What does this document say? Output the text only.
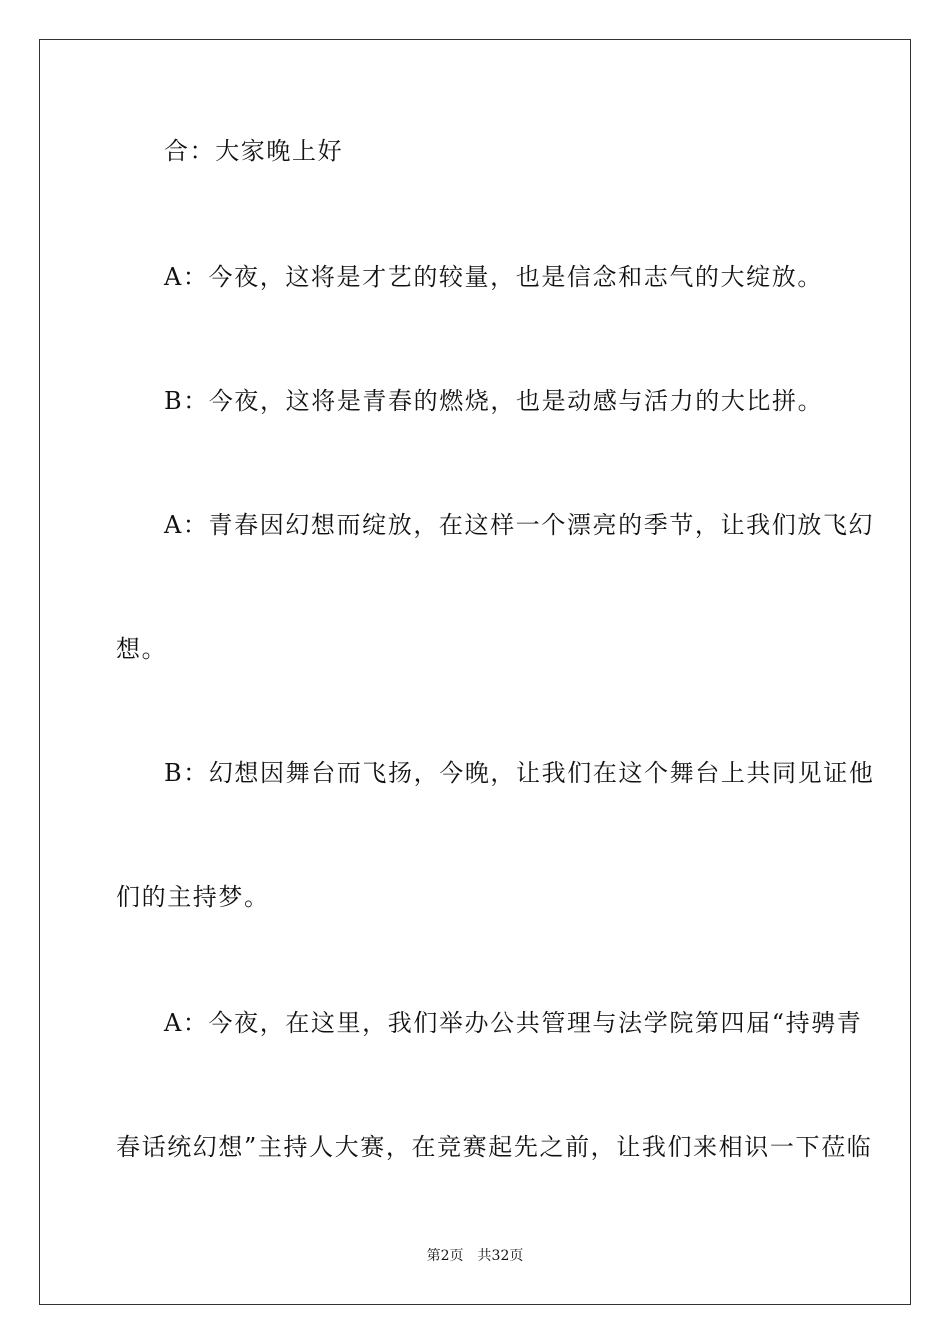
合：大家晚上好
A：今夜，这将是才艺的较量，也是信念和志气的大绽放。
B：今夜，这将是青春的燃烧，也是动感与活力的大比拼。
A：青春因幻想而绽放，在这样一个漂亮的季节，让我们放飞幻
想。
B：幻想因舞台而飞扬，今晚，让我们在这个舞台上共同见证他
们的主持梦。
A：今夜，在这里，我们举办公共管理与法学院第四届“持骋青
春话统幻想”主持人大赛，在竞赛起先之前，让我们来相识一下莅临
第2页 共32页
